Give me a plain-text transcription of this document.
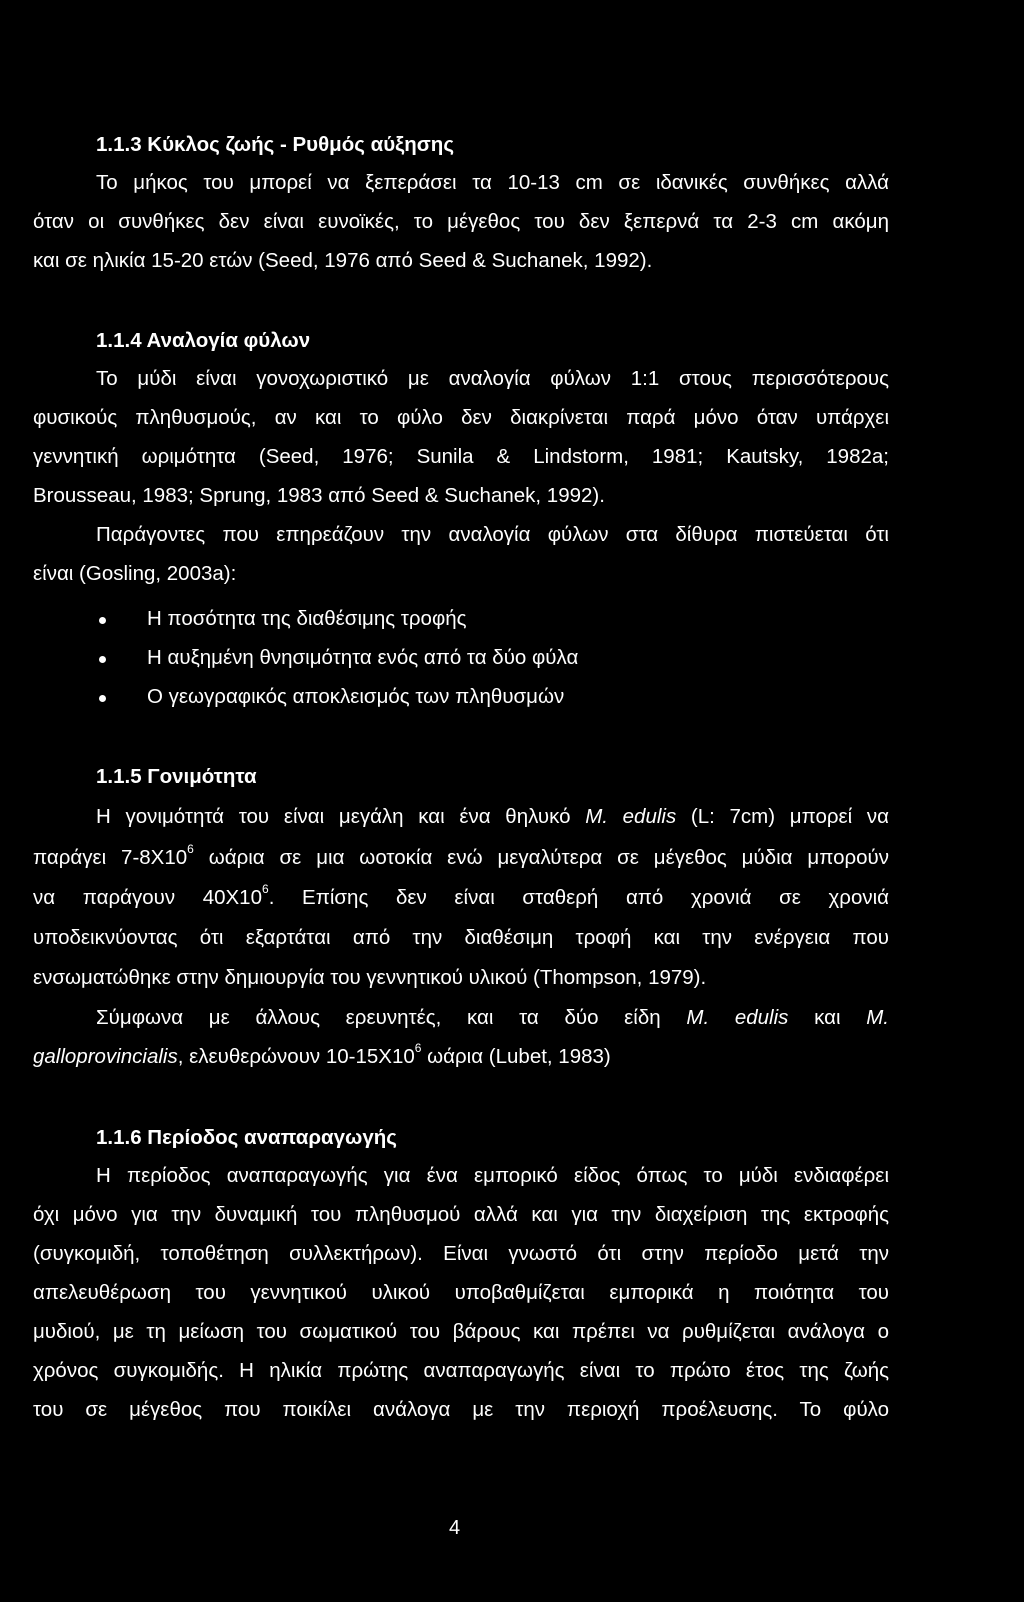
1.1.3 Κύκλος ζωής - Ρυθμός αύξησης
Το μήκος του μπορεί να ξεπεράσει τα 10-13 cm σε ιδανικές συνθήκες αλλά
όταν οι συνθήκες δεν είναι ευνοϊκές, το μέγεθος του δεν ξεπερνά τα 2-3 cm ακόμη
και σε ηλικία 15-20 ετών (Seed, 1976 από Seed & Suchanek, 1992).
1.1.4 Αναλογία φύλων
Το μύδι είναι γονοχωριστικό με αναλογία φύλων 1:1 στους περισσότερους
φυσικούς πληθυσμούς, αν και το φύλο δεν διακρίνεται παρά μόνο όταν υπάρχει
γεννητική ωριμότητα (Seed, 1976; Sunila & Lindstorm, 1981; Kautsky, 1982a;
Brousseau, 1983; Sprung, 1983 από Seed & Suchanek, 1992).
Παράγοντες που επηρεάζουν την αναλογία φύλων στα δίθυρα πιστεύεται ότι
είναι (Gosling, 2003a):
Η ποσότητα της διαθέσιμης τροφής
Η αυξημένη θνησιμότητα ενός από τα δύο φύλα
Ο γεωγραφικός αποκλεισμός των πληθυσμών
1.1.5 Γονιμότητα
Η γονιμότητά του είναι μεγάλη και ένα θηλυκό M. edulis (L: 7cm) μπορεί να
παράγει $7-8X10^6$ ωάρια σε μια ωοτοκία ενώ μεγαλύτερα σε μέγεθος μύδια μπορούν
να παράγουν $40X10^6$. Επίσης δεν είναι σταθερή από χρονιά σε χρονιά
υποδεικνύοντας ότι εξαρτάται από την διαθέσιμη τροφή και την ενέργεια που
ενσωματώθηκε στην δημιουργία του γεννητικού υλικού (Thompson, 1979).
Σύμφωνα με άλλους ερευνητές, και τα δύο είδη M. edulis και M.
galloprovincialis, ελευθερώνουν $10-15X10^6$ ωάρια (Lubet, 1983)
1.1.6 Περίοδος αναπαραγωγής
Η περίοδος αναπαραγωγής για ένα εμπορικό είδος όπως το μύδι ενδιαφέρει
όχι μόνο για την δυναμική του πληθυσμού αλλά και για την διαχείριση της εκτροφής
(συγκομιδή, τοποθέτηση συλλεκτήρων). Είναι γνωστό ότι στην περίοδο μετά την
απελευθέρωση του γεννητικού υλικού υποβαθμίζεται εμπορικά η ποιότητα του
μυδιού, με τη μείωση του σωματικού του βάρους και πρέπει να ρυθμίζεται ανάλογα ο
χρόνος συγκομιδής. Η ηλικία πρώτης αναπαραγωγής είναι το πρώτο έτος της ζωής
του σε μέγεθος που ποικίλει ανάλογα με την περιοχή προέλευσης. Το φύλο
4
